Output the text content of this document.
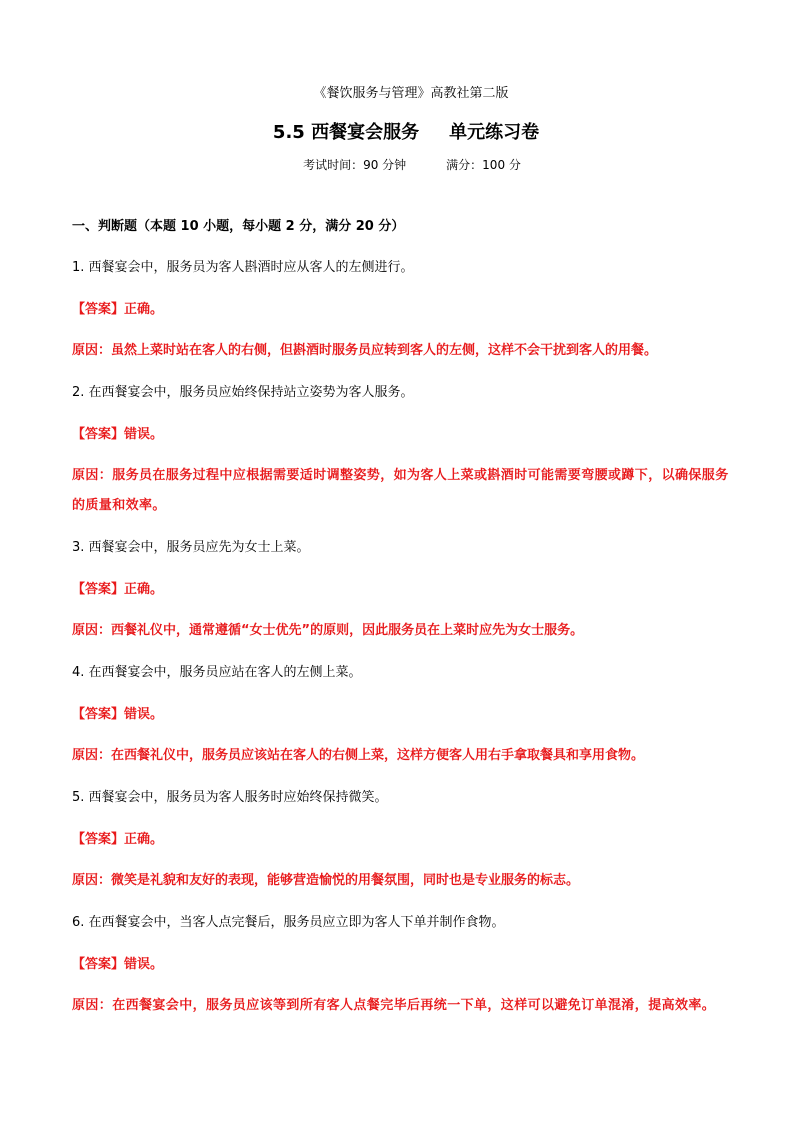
《餐饮服务与管理》高教社第二版
5.5 西餐宴会服务 单元练习卷
考试时间：90 分钟	满分：100 分
一、判断题（本题 10 小题，每小题 2 分，满分 20 分）
1. 西餐宴会中，服务员为客人斟酒时应从客人的左侧进行。
【答案】正确。
原因：虽然上菜时站在客人的右侧，但斟酒时服务员应转到客人的左侧，这样不会干扰到客人的用餐。
2. 在西餐宴会中，服务员应始终保持站立姿势为客人服务。
【答案】错误。
原因：服务员在服务过程中应根据需要适时调整姿势，如为客人上菜或斟酒时可能需要弯腰或蹲下，以确保服务的质量和效率。
3. 西餐宴会中，服务员应先为女士上菜。
【答案】正确。
原因：西餐礼仪中，通常遵循“女士优先”的原则，因此服务员在上菜时应先为女士服务。
4. 在西餐宴会中，服务员应站在客人的左侧上菜。
【答案】错误。
原因：在西餐礼仪中，服务员应该站在客人的右侧上菜，这样方便客人用右手拿取餐具和享用食物。
5. 西餐宴会中，服务员为客人服务时应始终保持微笑。
【答案】正确。
原因：微笑是礼貌和友好的表现，能够营造愉悦的用餐氛围，同时也是专业服务的标志。
6. 在西餐宴会中，当客人点完餐后，服务员应立即为客人下单并制作食物。
【答案】错误。
原因：在西餐宴会中，服务员应该等到所有客人点餐完毕后再统一下单，这样可以避免订单混淆，提高效率。
